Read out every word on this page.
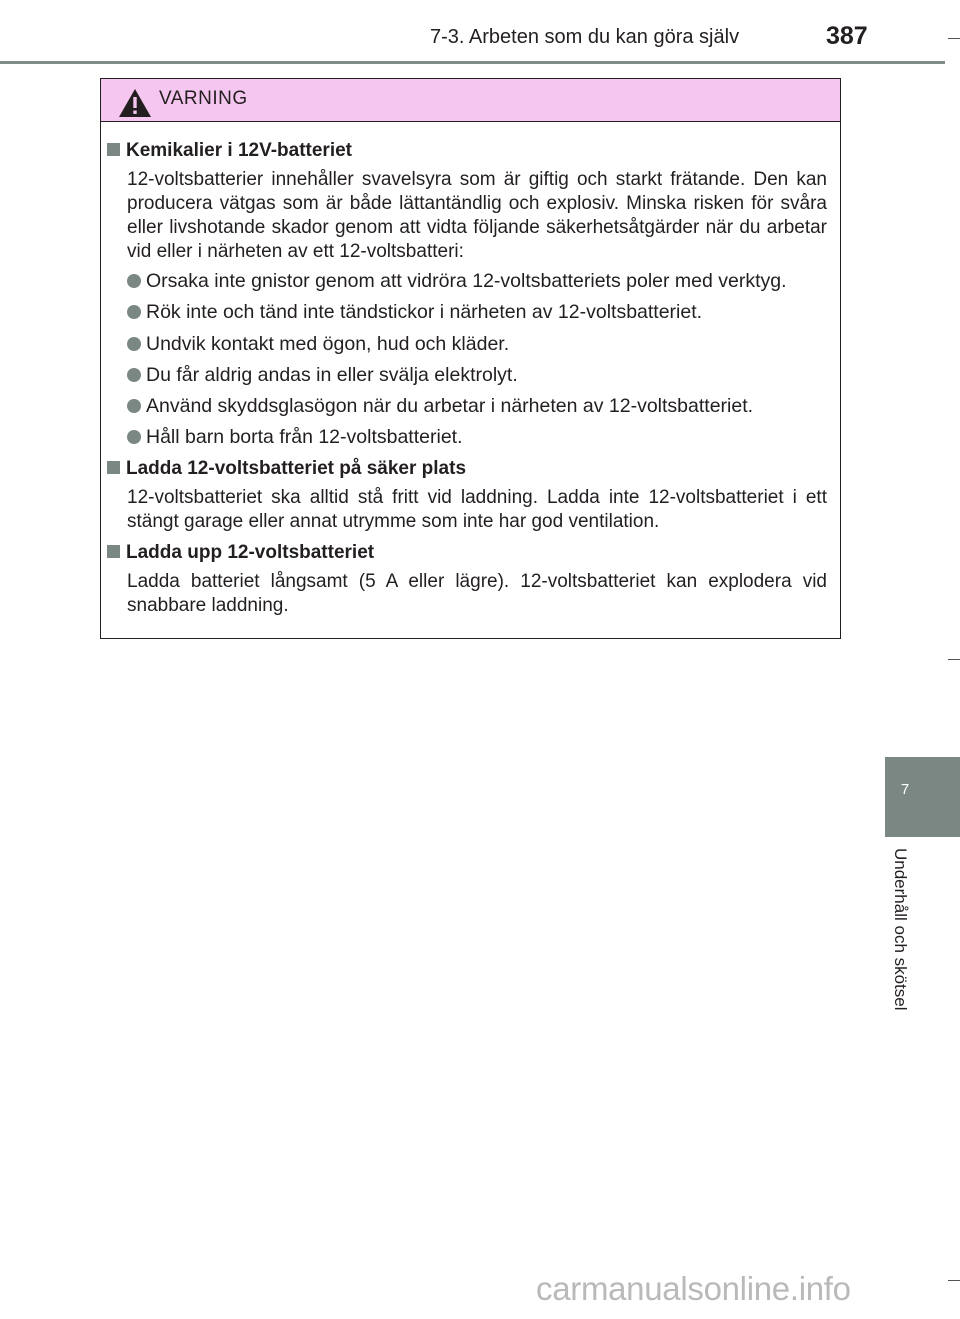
7-3. Arbeten som du kan göra själv	387
7
Underhåll och skötsel
VARNING
Kemikalier i 12V-batteriet
12-voltsbatterier innehåller svavelsyra som är giftig och starkt frätande. Den kan producera vätgas som är både lättantändlig och explosiv. Minska risken för svåra eller livshotande skador genom att vidta följande säkerhetsåtgärder när du arbetar vid eller i närheten av ett 12-voltsbatteri:
Orsaka inte gnistor genom att vidröra 12-voltsbatteriets poler med verktyg.
Rök inte och tänd inte tändstickor i närheten av 12-voltsbatteriet.
Undvik kontakt med ögon, hud och kläder.
Du får aldrig andas in eller svälja elektrolyt.
Använd skyddsglasögon när du arbetar i närheten av 12-voltsbatteriet.
Håll barn borta från 12-voltsbatteriet.
Ladda 12-voltsbatteriet på säker plats
12-voltsbatteriet ska alltid stå fritt vid laddning. Ladda inte 12-voltsbatteriet i ett stängt garage eller annat utrymme som inte har god ventilation.
Ladda upp 12-voltsbatteriet
Ladda batteriet långsamt (5 A eller lägre). 12-voltsbatteriet kan explodera vid snabbare laddning.
carmanualsonline.info
